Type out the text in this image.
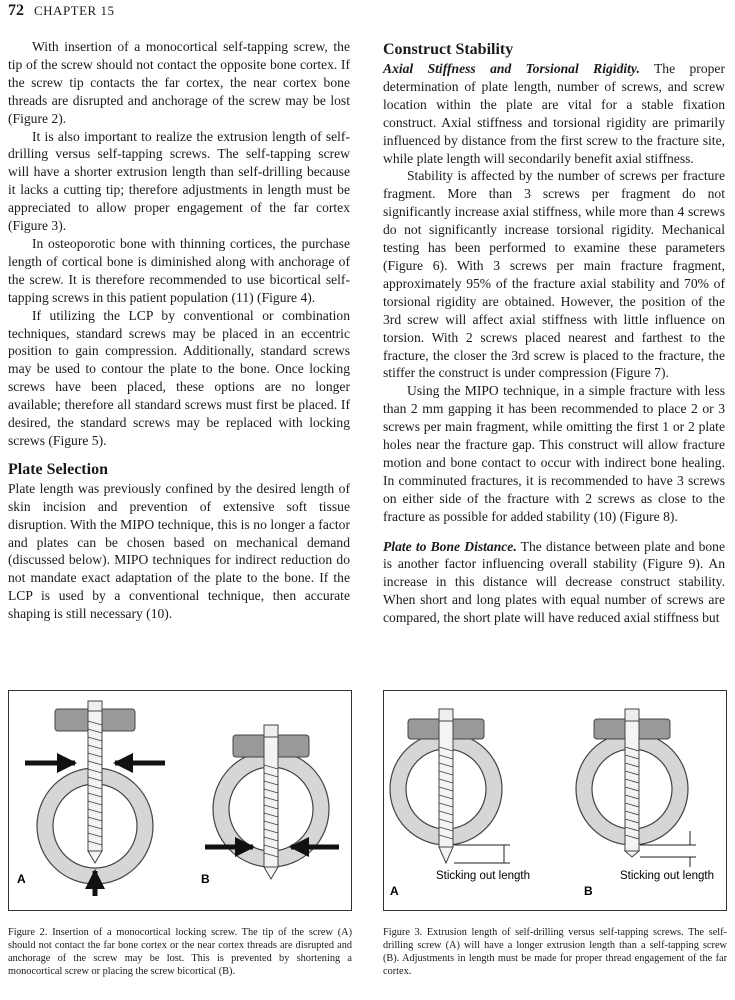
72 CHAPTER 15

With insertion of a monocortical self-tapping screw, the tip of the screw should not contact the opposite bone cortex. If the screw tip contacts the far cortex, the near cortex bone threads are disrupted and anchorage of the screw may be lost (Figure 2).

It is also important to realize the extrusion length of self-drilling versus self-tapping screws. The self-tapping screw will have a shorter extrusion length than self-drilling because it lacks a cutting tip; therefore adjustments in length must be appreciated to allow proper engagement of the far cortex (Figure 3).

In osteoporotic bone with thinning cortices, the purchase length of cortical bone is diminished along with anchorage of the screw. It is therefore recommended to use bicortical self-tapping screws in this patient population (11) (Figure 4).

If utilizing the LCP by conventional or combination techniques, standard screws may be placed in an eccentric position to gain compression. Additionally, standard screws may be used to contour the plate to the bone. Once locking screws have been placed, these options are no longer available; therefore all standard screws must first be placed. If desired, the standard screws may be replaced with locking screws (Figure 5).

Plate Selection

Plate length was previously confined by the desired length of skin incision and prevention of extensive soft tissue disruption. With the MIPO technique, this is no longer a factor and plates can be chosen based on mechanical demand (discussed below). MIPO techniques for indirect reduction do not mandate exact adaptation of the plate to the bone. If the LCP is used by a conventional technique, then accurate shaping is still necessary (10).

Construct Stability

Axial Stiffness and Torsional Rigidity. The proper determination of plate length, number of screws, and screw location within the plate are vital for a stable fixation construct. Axial stiffness and torsional rigidity are primarily influenced by distance from the first screw to the fracture site, while plate length will secondarily benefit axial stiffness.

Stability is affected by the number of screws per fracture fragment. More than 3 screws per fragment do not significantly increase axial stiffness, while more than 4 screws do not significantly increase torsional rigidity. Mechanical testing has been performed to examine these parameters (Figure 6). With 3 screws per main fracture fragment, approximately 95% of the fracture axial stability and 70% of torsional rigidity are obtained. However, the position of the 3rd screw will affect axial stiffness with little influence on torsion. With 2 screws placed nearest and farthest to the fracture, the closer the 3rd screw is placed to the fracture, the stiffer the construct is under compression (Figure 7).

Using the MIPO technique, in a simple fracture with less than 2 mm gapping it has been recommended to place 2 or 3 screws per main fragment, while omitting the first 1 or 2 plate holes near the fracture gap. This construct will allow fracture motion and bone contact to occur with indirect bone healing. In comminuted fractures, it is recommended to have 3 screws on either side of the fracture with 2 screws as close to the fracture as possible for added stability (10) (Figure 8).

Plate to Bone Distance. The distance between plate and bone is another factor influencing overall stability (Figure 9). An increase in this distance will decrease construct stability. When short and long plates with equal number of screws are compared, the short plate will have reduced axial stiffness but

A	B
Figure 2. Insertion of a monocortical locking screw. The tip of the screw (A) should not contact the far bone cortex or the near cortex threads are disrupted and anchorage of the screw may be lost. This is prevented by shortening a monocortical screw or placing the screw bicortical (B).
Sticking out length
A
Sticking out length
B
Figure 3. Extrusion length of self-drilling versus self-tapping screws. The self-drilling screw (A) will have a longer extrusion length than a self-tapping screw (B). Adjustments in length must be made for proper thread engagement of the far cortex.
